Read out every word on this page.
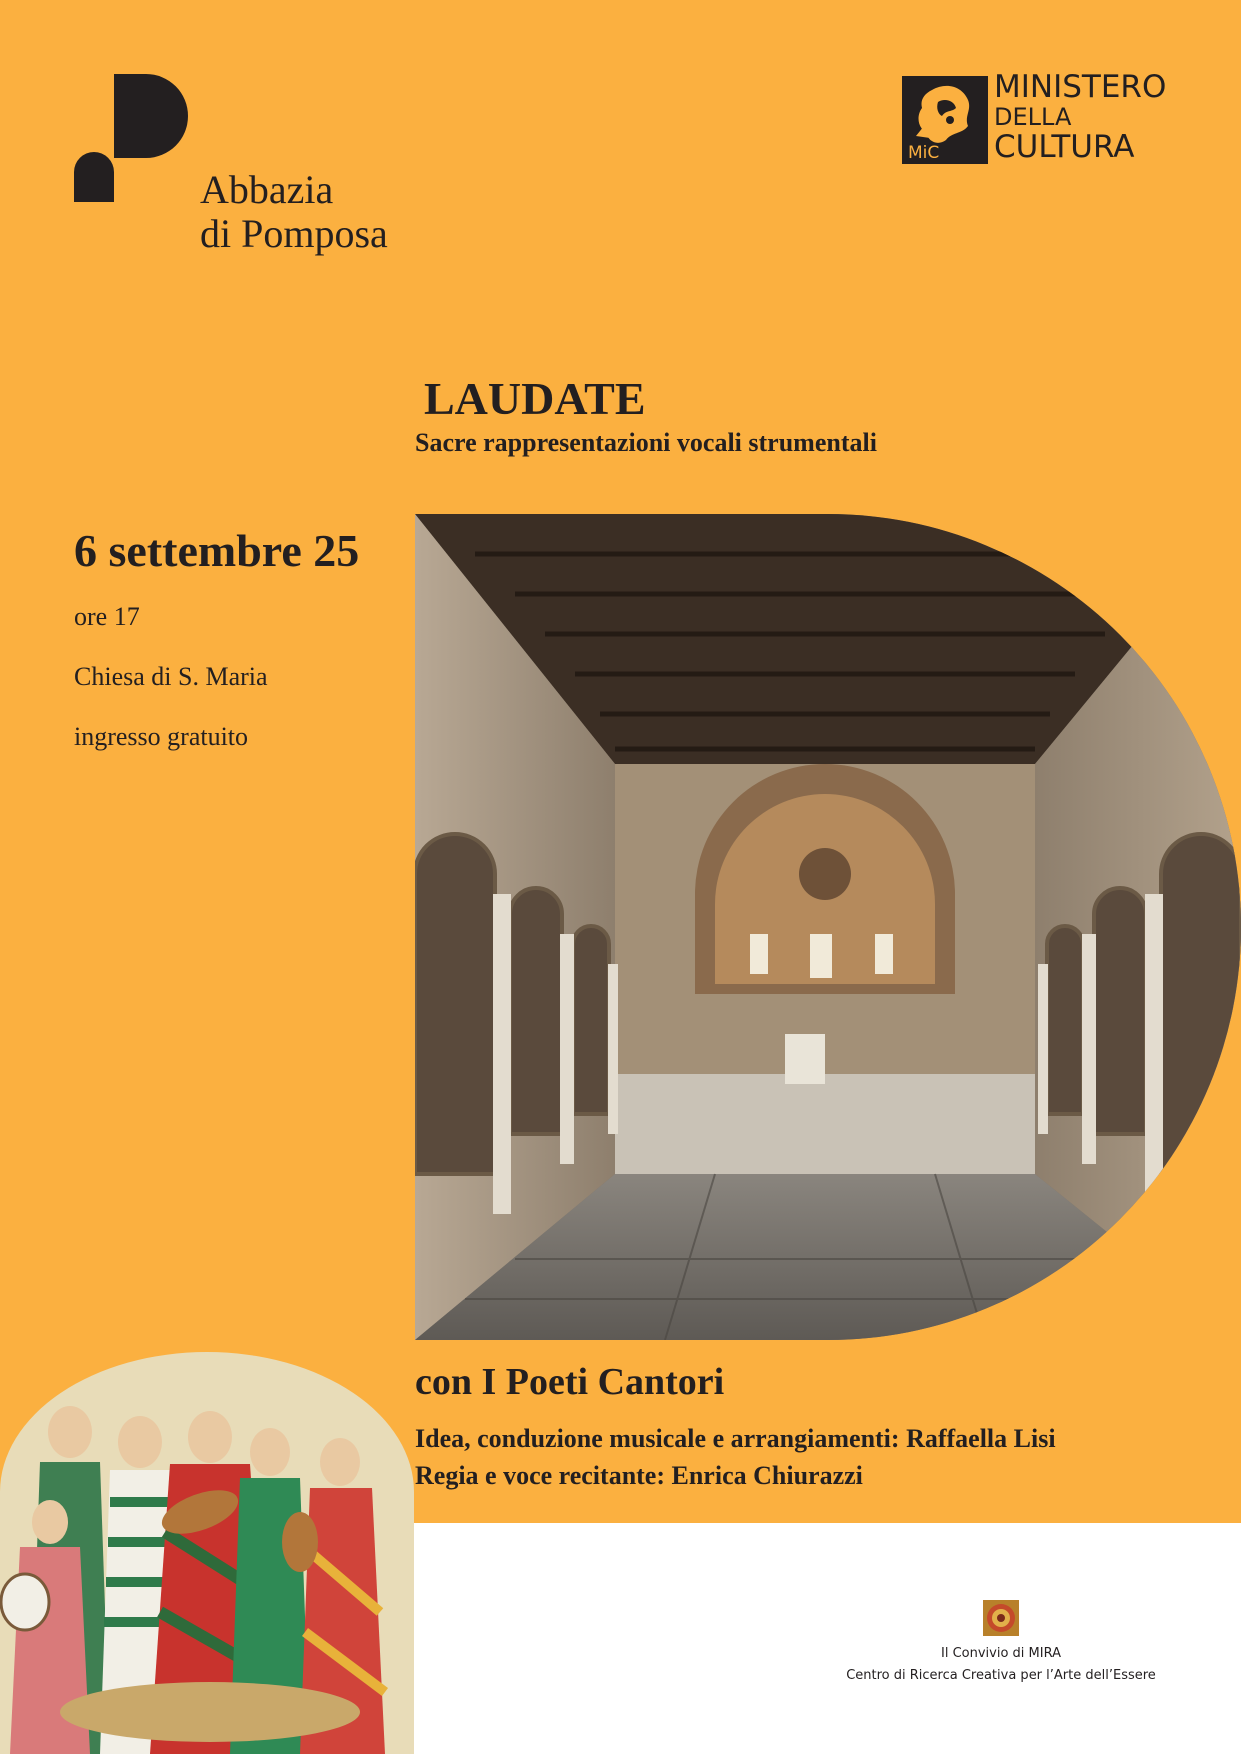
Abbazia
di Pomposa
MiC
MINISTERO
DELLA
CULTURA
LAUDATE
Sacre rappresentazioni vocali strumentali
6 settembre 25
ore 17
Chiesa di S. Maria
ingresso gratuito
con I Poeti Cantori
Idea, conduzione musicale e arrangiamenti: Raffaella Lisi
Regia e voce recitante: Enrica Chiurazzi
Il Convivio di MIRA
Centro di Ricerca Creativa per l’Arte dell’Essere
